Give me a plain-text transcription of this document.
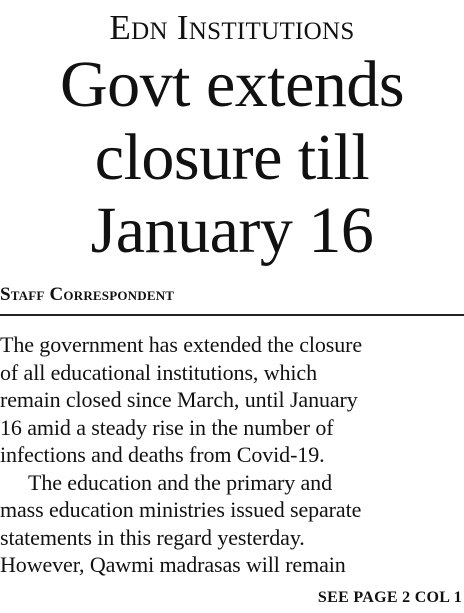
Edn Institutions
Govt extends
closure till
January 16
Staff Correspondent
The government has extended the closure
of all educational institutions, which
remain closed since March, until January
16 amid a steady rise in the number of
infections and deaths from Covid-19.
The education and the primary and
mass education ministries issued separate
statements in this regard yesterday.
However, Qawmi madrasas will remain
SEE PAGE 2 COL 1
